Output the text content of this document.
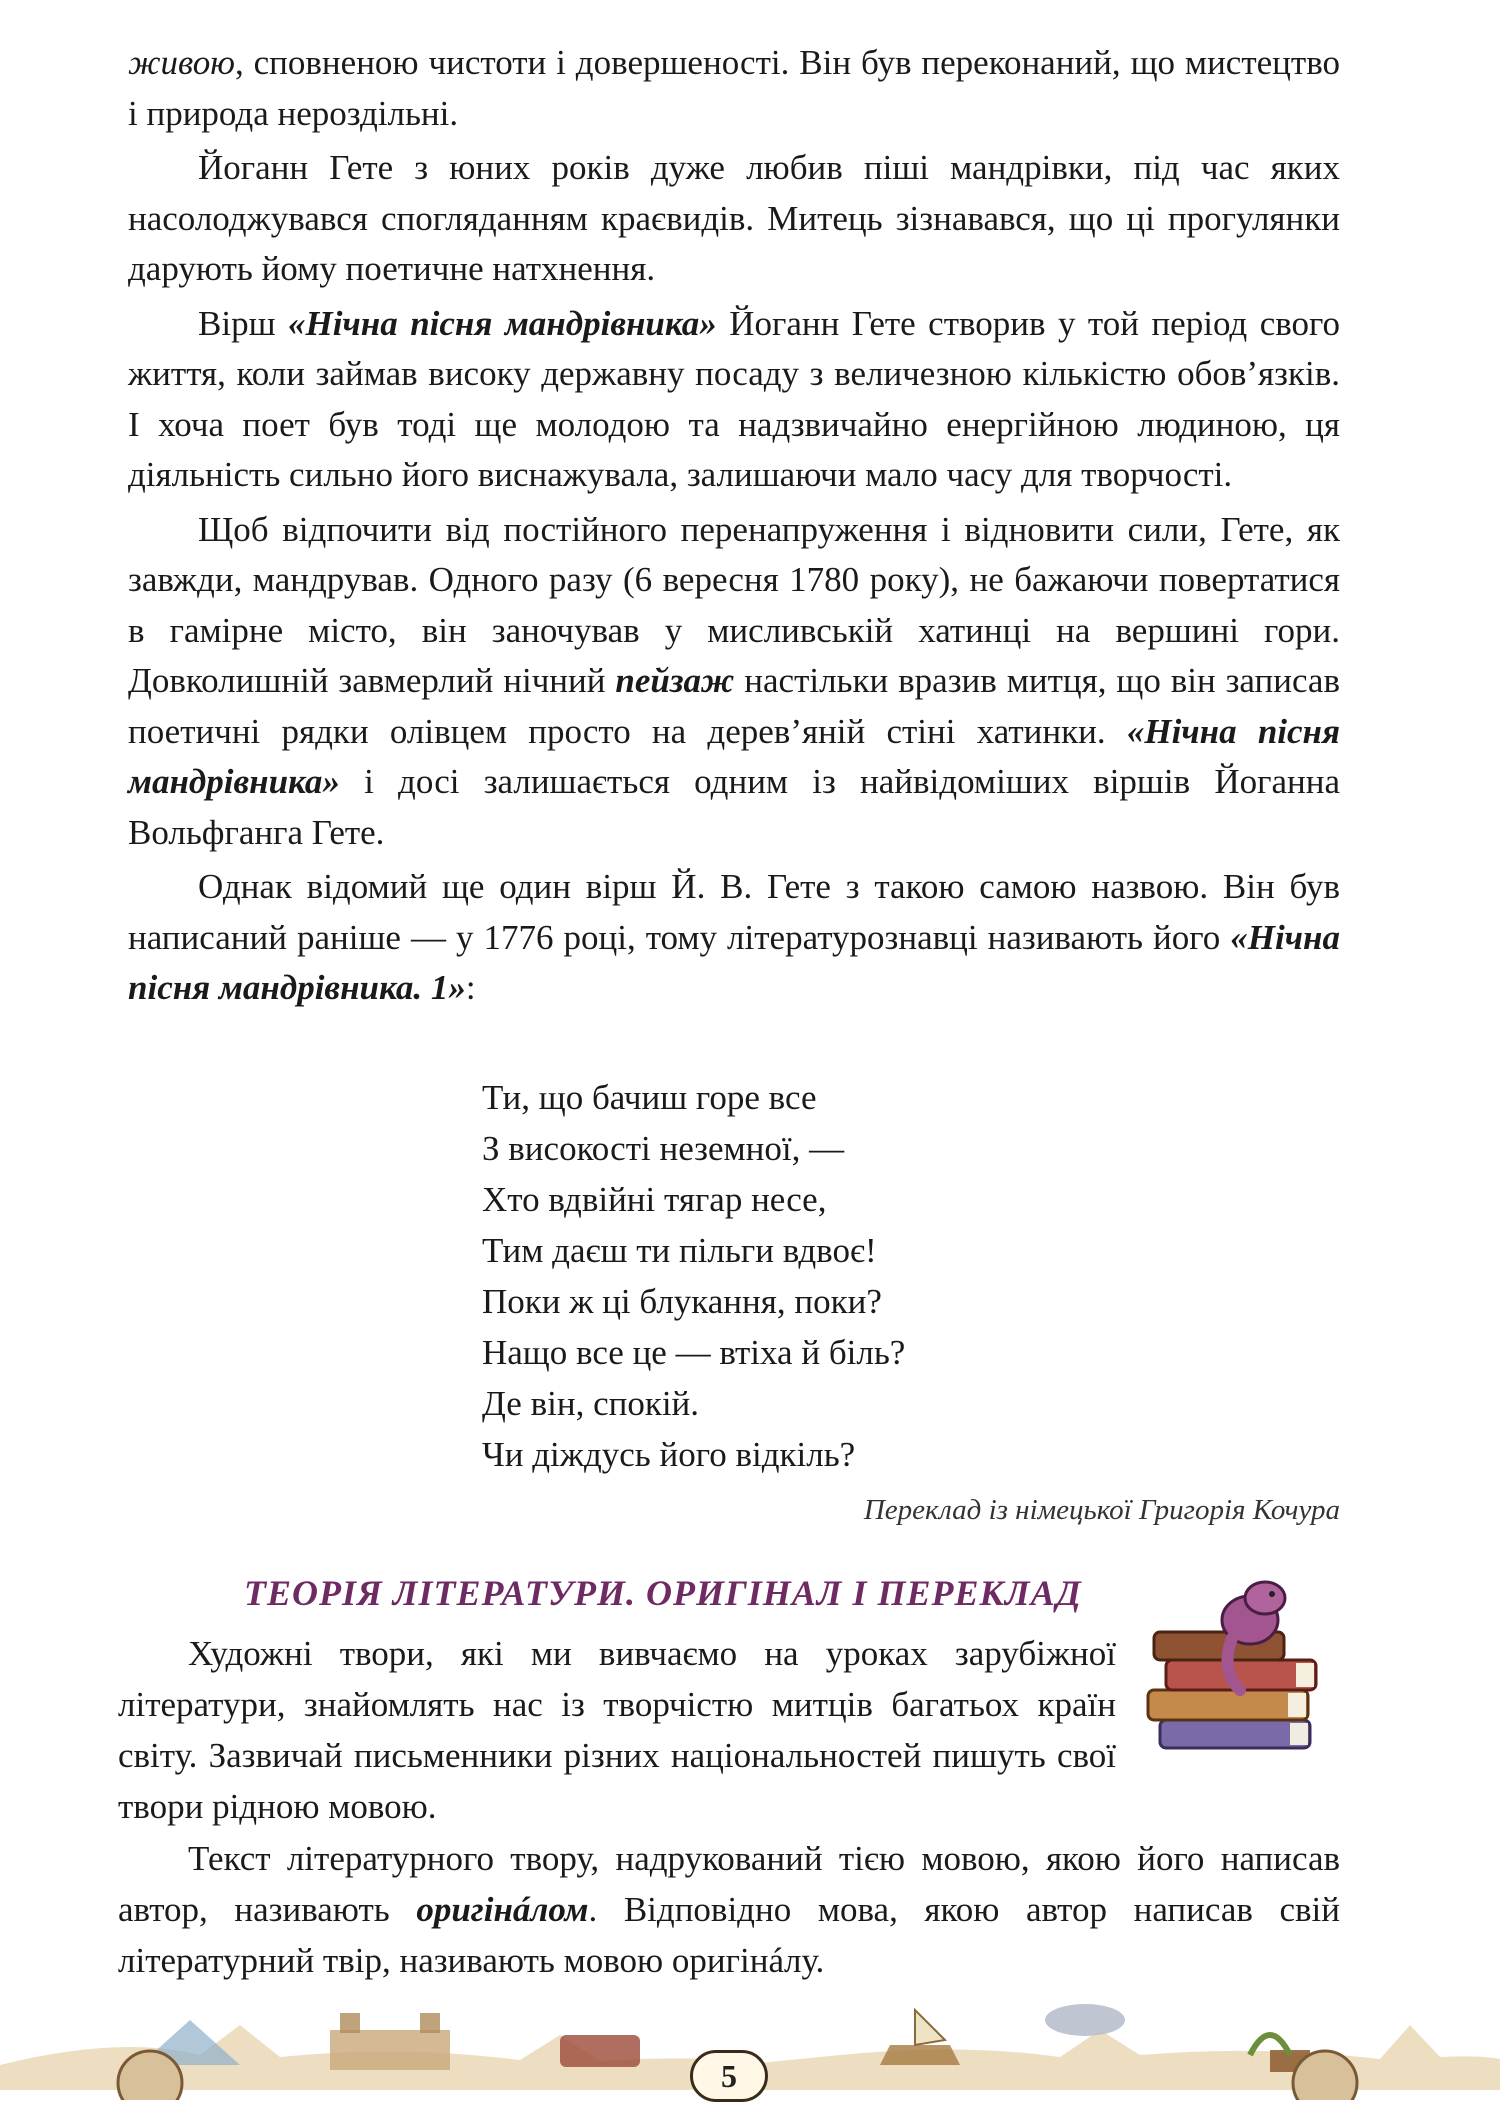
живою, сповненою чистоти і довершеності. Він був переконаний, що мистецтво і природа нероздільні.

Йоганн Гете з юних років дуже любив піші мандрівки, під час яких насолоджувався спогляданням краєвидів. Митець зізнавався, що ці прогулянки дарують йому поетичне натхнення.

Вірш «Нічна пісня мандрівника» Йоганн Гете створив у той період свого життя, коли займав високу державну посаду з величезною кількістю обов’язків. І хоча поет був тоді ще молодою та надзвичайно енергійною людиною, ця діяльність сильно його виснажувала, залишаючи мало часу для творчості.

Щоб відпочити від постійного перенапруження і відновити сили, Гете, як завжди, мандрував. Одного разу (6 вересня 1780 року), не бажаючи повертатися в гамірне місто, він заночував у мисливській хатинці на вершині гори. Довколишній завмерлий нічний пейзаж настільки вразив митця, що він записав поетичні рядки олівцем просто на дерев’яній стіні хатинки. «Нічна пісня мандрівника» і досі залишається одним із найвідоміших віршів Йоганна Вольфганга Гете.

Однак відомий ще один вірш Й. В. Гете з такою самою назвою. Він був написаний раніше — у 1776 році, тому літературознавці називають його «Нічна пісня мандрівника. 1»:

Ти, що бачиш горе все
З високості неземної, —
Хто вдвійні тягар несе,
Тим даєш ти пільги вдвоє!
Поки ж ці блукання, поки?
Нащо все це — втіха й біль?
Де він, спокій.
Чи діждусь його відкіль?
Переклад із німецької Григорія Кочура
ТЕОРІЯ ЛІТЕРАТУРИ. ОРИГІНАЛ І ПЕРЕКЛАД

Художні твори, які ми вивчаємо на уроках зарубіжної літератури, знайомлять нас із творчістю митців багатьох країн світу. Зазвичай письменники різних національностей пишуть свої твори рідною мовою.

Текст літературного твору, надрукований тією мовою, якою його написав автор, називають оригінáлом. Відповідно мова, якою автор написав свій літературний твір, називають мовою оригінáлу.

5
